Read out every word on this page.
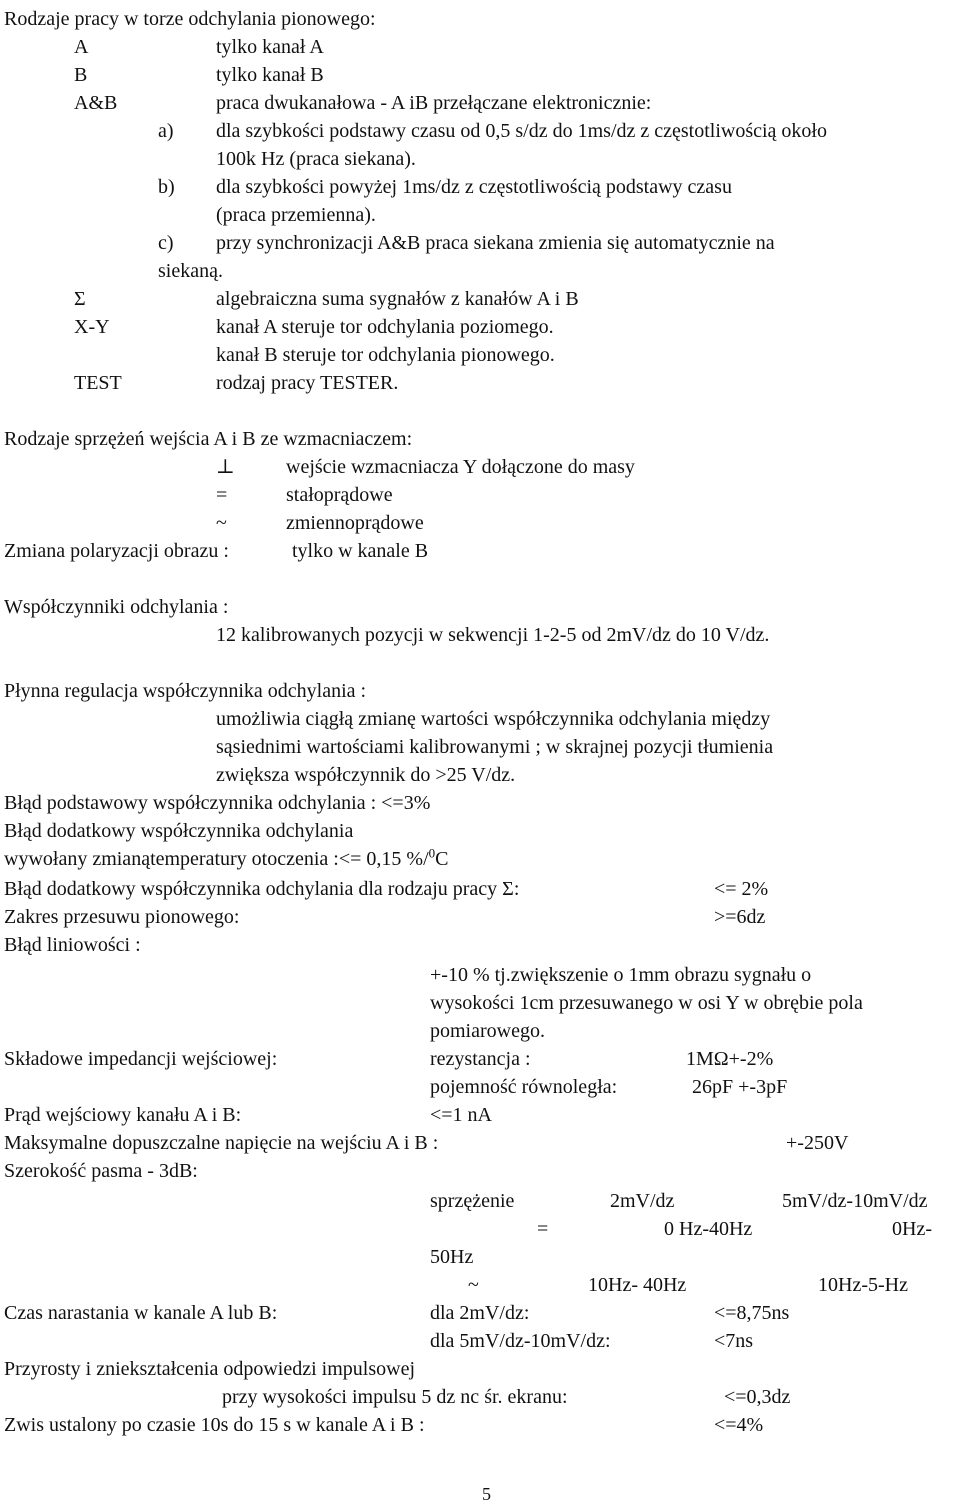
Rodzaje pracy w torze odchylania pionowego:
A	tylko kanał A
B	tylko kanał B
A&B	praca dwukanałowa - A iB przełączane elektronicznie:
a) dla szybkości podstawy czasu od 0,5 s/dz do 1ms/dz z częstotliwością około
100k Hz (praca siekana).
b) dla szybkości powyżej 1ms/dz z częstotliwością podstawy czasu
(praca przemienna).
c) przy synchronizacji A&B praca siekana zmienia się automatycznie na
siekaną.
Σ	algebraiczna suma sygnałów z kanałów A i B
X-Y	kanał A steruje tor odchylania poziomego.
kanał B steruje tor odchylania pionowego.
TEST	rodzaj pracy TESTER.
Rodzaje sprzężeń wejścia A i B ze wzmacniaczem:
⊥	wejście wzmacniacza Y dołączone do masy
=	stałoprądowe
~	zmiennoprądowe
Zmiana polaryzacji obrazu :	tylko w kanale B
Współczynniki odchylania :
12 kalibrowanych pozycji w sekwencji 1-2-5 od 2mV/dz do 10 V/dz.
Płynna regulacja współczynnika odchylania :
umożliwia ciągłą zmianę wartości współczynnika odchylania między
sąsiednimi wartościami kalibrowanymi ; w skrajnej pozycji tłumienia
zwiększa współczynnik do >25 V/dz.
Błąd podstawowy współczynnika odchylania : <=3%
Błąd dodatkowy współczynnika odchylania
wywołany zmianątemperatury otoczenia :<= 0,15 %/$^0$C
Błąd dodatkowy współczynnika odchylania dla rodzaju pracy Σ:	<= 2%
Zakres przesuwu pionowego:	>=6dz
Błąd liniowości :
+-10 % tj.zwiększenie o 1mm obrazu sygnału o
wysokości 1cm przesuwanego w osi Y w obrębie pola
pomiarowego.
Składowe impedancji wejściowej:	rezystancja :	1MΩ+-2%
pojemność równoległa:	26pF +-3pF
Prąd wejściowy kanału A i B:	<=1 nA
Maksymalne dopuszczalne napięcie na wejściu A i B :	+-250V
Szerokość pasma - 3dB:
sprzężenie	2mV/dz	5mV/dz-10mV/dz
=	0 Hz-40Hz	0Hz-
50Hz
~	10Hz- 40Hz	10Hz-5-Hz
Czas narastania w kanale A lub B:	dla 2mV/dz:	<=8,75ns
dla 5mV/dz-10mV/dz:	<7ns
Przyrosty i zniekształcenia odpowiedzi impulsowej
przy wysokości impulsu 5 dz nc śr. ekranu:	<=0,3dz
Zwis ustalony po czasie 10s do 15 s w kanale A i B :	<=4%
5
